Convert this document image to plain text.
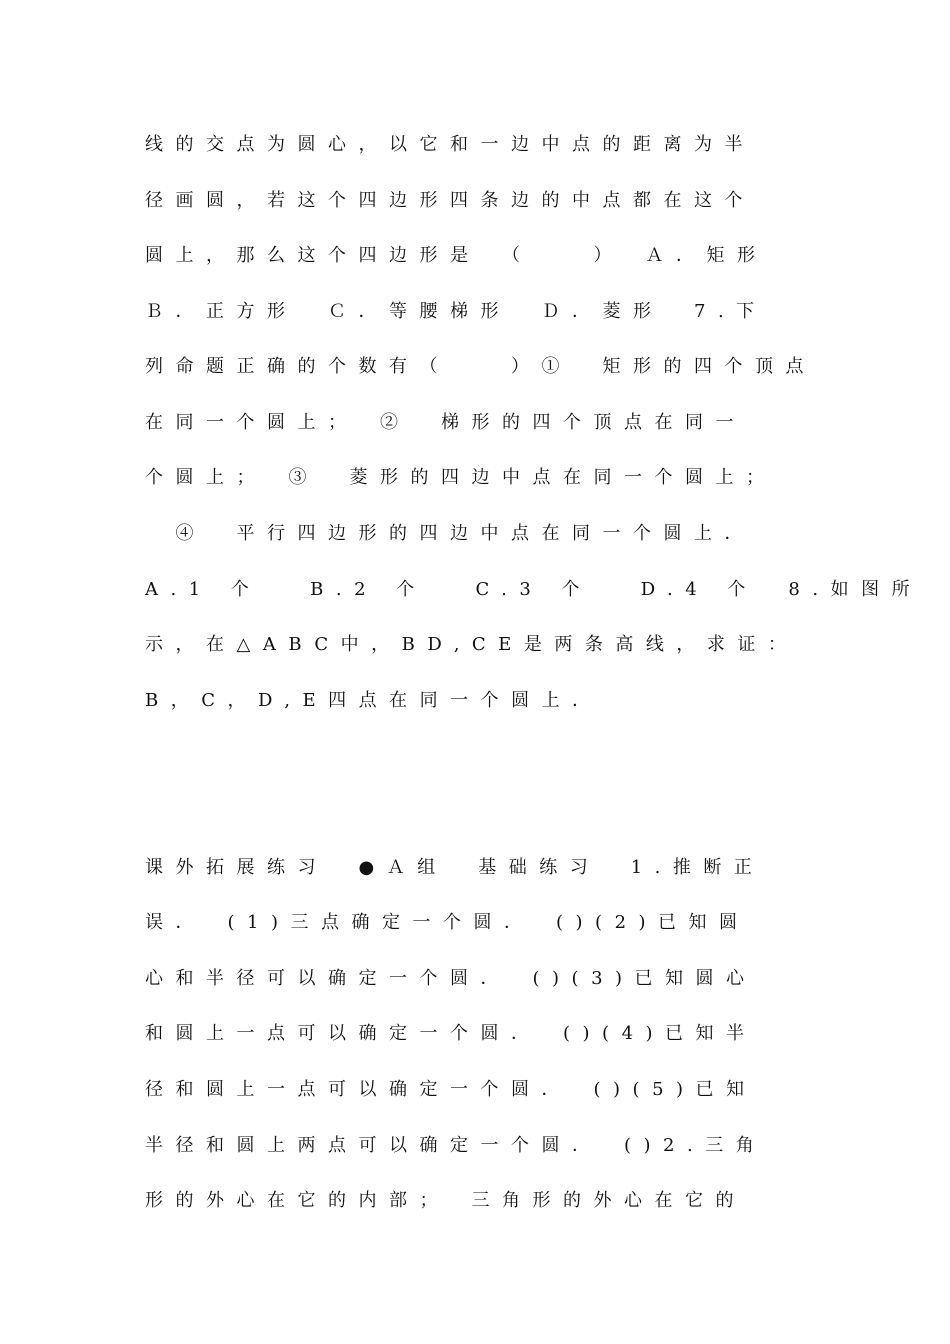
线的交点为圆心，以它和一边中点的距离为半
径画圆，若这个四边形四条边的中点都在这个
圆上，那么这个四边形是　（　　）　Ａ．矩形
Ｂ．正方形　Ｃ．等腰梯形　Ｄ．菱形　7.下
列命题正确的个数有（　　）①　矩形的四个顶点
在同一个圆上；　②　梯形的四个顶点在同一
个圆上；　③　菱形的四边中点在同一个圆上；
　④　平行四边形的四边中点在同一个圆上．
A.1 个　 B.2 个　 C.3 个　 D.4 个　8.如图所
示，在△ABC中，BD,CE是两条高线，求证：
B，C，D,E四点在同一个圆上．
课外拓展练习　●Ａ组　基础练习　1.推断正
误．　(1)三点确定一个圆．　()(2)已知圆
心和半径可以确定一个圆．　()(3)已知圆心
和圆上一点可以确定一个圆．　()(4)已知半
径和圆上一点可以确定一个圆．　()(5)已知
半径和圆上两点可以确定一个圆．　()2.三角
形的外心在它的内部；　三角形的外心在它的
